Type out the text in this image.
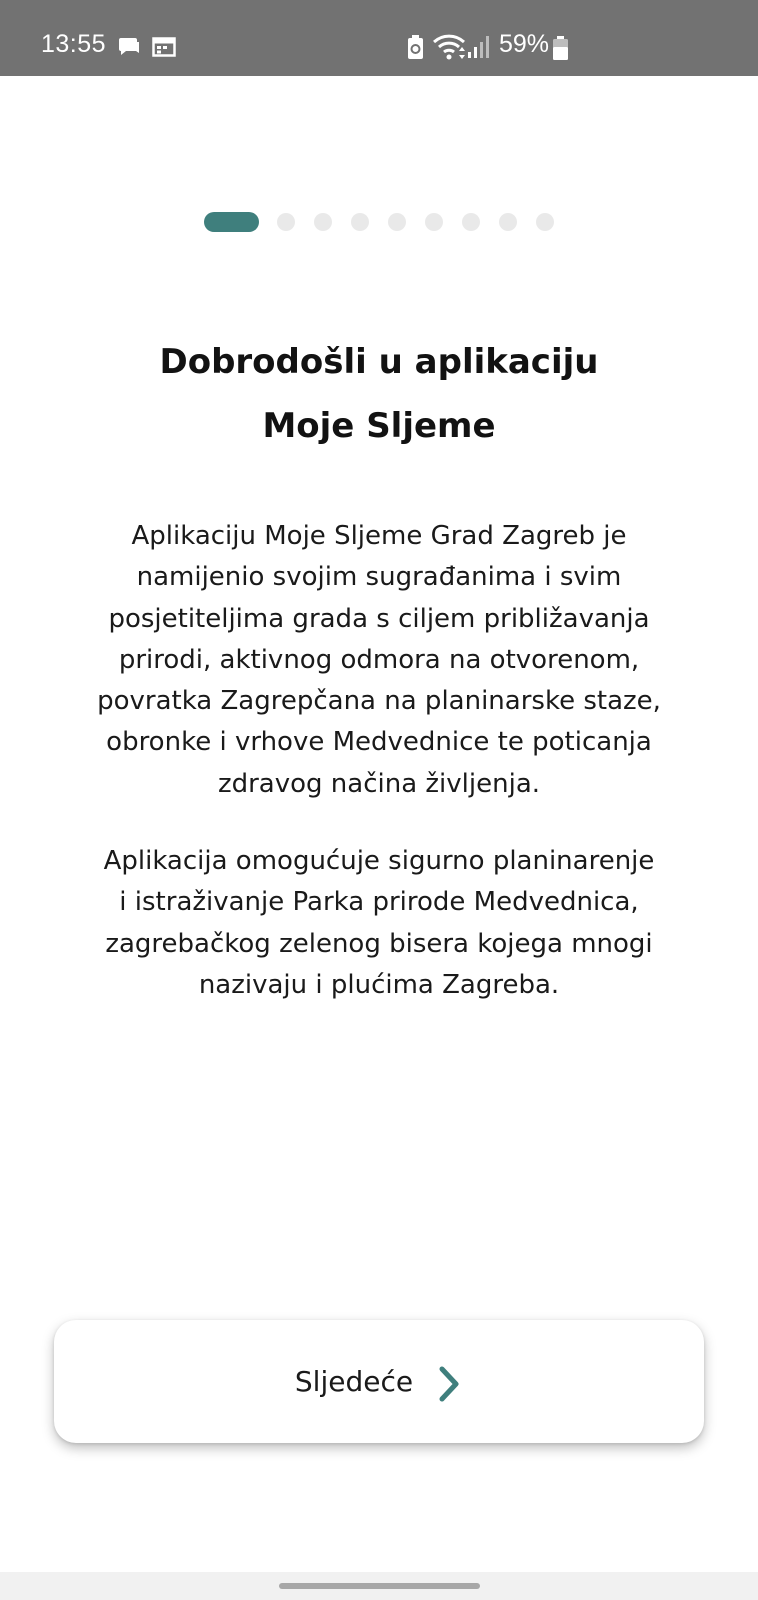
13:55	59%
Dobrodošli u aplikaciju
Moje Sljeme
Aplikaciju Moje Sljeme Grad Zagreb je
namijenio svojim sugrađanima i svim
posjetiteljima grada s ciljem približavanja
prirodi, aktivnog odmora na otvorenom,
povratka Zagrepčana na planinarske staze,
obronke i vrhove Medvednice te poticanja
zdravog načina življenja.
Aplikacija omogućuje sigurno planinarenje
i istraživanje Parka prirode Medvednica,
zagrebačkog zelenog bisera kojega mnogi
nazivaju i plućima Zagreba.
Sljedeće
